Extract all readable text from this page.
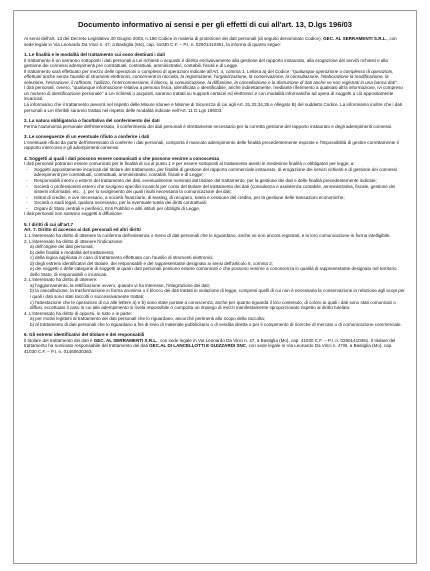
Documento informativo ai sensi e per gli effetti di cui all'art. 13, D.lgs 196/03

Ai sensi dell'art. 13 del Decreto Legislativo 30 Giugno 2003, n.196 Codice in materia di protezione dei dati personali (di seguito denominato Codice), GEC. AL SERRAMENTI S.R.L., con sede legale in Via Leonardo Da Vinci n. 47, a Bastiglia (Mo), cap. 41030 C.F. – P.I. n. 02901410361, la informa di quanto segue:

1. Le finalità e le modalità del trattamento cui sono destinati i dati

Il trattamento è un sarranno sottoposti i dati personali a Lei richiesti o acquisiti è diretto esclusivamente alla gestione del rapporto instaurato, alla erogazione dei servizi richiesti e alla gestione dei connessi adempimenti pre contrattuali, contrattuali, amministrativi, contabili, fiscali e di Legge.

Il trattamento sarà effettuato per mezzo delle operazioni o complessi di operazioni indicate all'Art. 4, comma 1, Lettera a) del Codice: "qualunque operazione o complesso di operazioni, effettuati anche senza l'ausilio di strumenti elettronici, concernenti la raccolta, la registrazione, l'organizzazione, la conservazione, la consultazione, l'elaborazione la modificazione, la selezione, l'estrazione, il raffronto, l'utilizzo, l'interconnessione, il blocco, la comunicazione, la diffusione, la cancellazione e la distruzione di dati anche se non registrati in una banca dati".

I dati personali, ovvero, "qualunque informazione relativa a persona fisica, identificata o identificabile, anche indirettamente, mediante riferimento a qualsiasi altra informazione, ivi compreso un numero di identificazione personale" a Lei richiesti o acquisiti, saranno trattati su supporti cartacei ed elettronici e con modalità informatiche ad opera di soggetti a ciò appositamente incaricati.

La informiamo che il trattamento avverrà nel rispetto delle Misure Idonee e Minime di Sicurezza di cui agli Art. 31,33,34,35 e Allegato B) del suddetto Codice. La informiamo inoltre che i dati personali a Lei riferibili saranno trattati nel rispetto delle modalità indicate nell'Art. 11 D.Lgs 196/03.

2. La natura obbligatoria o facoltativa del conferimento dei dati

Ferma l'autonomia personale dell'interessato, il conferimento dei dati personali è strettamente necessario per la corretta gestione del rapporto instaurato e degli adempimenti connessi.

3. Le conseguenze di un eventuale rifiuto a conferire i dati

L'eventuale rifiuto da parte dell'interessato di conferire i dati personali, comporta il mancato adempimento delle finalità precedentemente esposte e l'impossibilità di gestire correttamente il rapporto intercorso e gli adempimenti connessi.

4. Soggetti ai quali i dati possono essere comunicati o che possono venirne a conoscenza

I dati personali potranno essere comunicati per le finalità di cui al punto 1 e per essere sottoposti al trattamento aventi le medesime finalità o obbligatori per legge, a:

- Soggetti appositamente incaricati dal titolare del trattamento, per finalità di gestione del rapporto commerciale instaurato, di erogazione dei servizi richiesti e di gestione dei connessi adempimenti pre contrattuali, contrattuali, amministrativi, contabili, fiscali e di Legge;
- Responsabili interni o esterni del trattamento dei dati, eventualmente nominati dal titolare del trattamento, per la gestione dei dati e delle finalità precedentemente indicate;
- Società o professionisti esterni che svolgono specifici incarichi per conto del titolare del trattamento dei dati (consulenza e assistenza contabile, amministrativa, fiscale, gestione dei sistemi informativi, etc. ..), per lo svolgimento dei quali risulti necessaria la comunicazione dei dati;
- Istituti di credito, e ove necessario, a società finanziarie, di leasing, di recupero, tutela e cessione del credito, per la gestione delle transazioni economiche;
- Società o studi legali, qualora necessario, per la eventuale tutela dei diritti contrattuali;
- Organi di Stato centrali e periferici, Enti Pubblici e altri istituti per obblighi di Legge.

I dati personali non saranno soggetti a diffusione.

5. I diritti di cui all'art.7

Art. 7. Diritto di accesso ai dati personali ed altri diritti

1. L'interessato ha diritto di ottenere la conferma dell'esistenza o meno di dati personali che lo riguardano, anche se non ancora registrati, e la loro comunicazione in forma intelligibile.

2. L'interessato ha diritto di ottenere l'indicazione:

a) dell'origine dei dati personali;

b) delle finalità e modalità del trattamento;

c) della logica applicata in caso di trattamento effettuato con l'ausilio di strumenti elettronici;

d) degli estremi identificativi del titolare, dei responsabili e del rappresentante designato ai sensi dell'articolo 5, comma 2;

e) dei soggetti o delle categorie di soggetti ai quali i dati personali possono essere comunicati o che possono venirne a conoscenza in qualità di rappresentante designato nel territorio dello Stato, di responsabili o incaricati.

3. L'interessato ha diritto di ottenere:

a) l'aggiornamento, la rettificazione ovvero, quando vi ha interesse, l'integrazione dei dati;

b) la cancellazione, la trasformazione in forma anonima o il blocco dei dati trattati in violazione di legge, compresi quelli di cui non è necessaria la conservazione in relazione agli scopi per i quali i dati sono stati raccolti o successivamente trattati;

c) l'attestazione che le operazioni di cui alle lettere a) e b) sono state portate a conoscenza, anche per quanto riguarda il loro contenuto, di coloro ai quali i dati sono stati comunicati o diffusi, eccettuato il caso in cui tale adempimento si rivela impossibile o comporta un impiego di mezzi manifestamente sproporzionato rispetto al diritto tutelato.

4. L'interessato ha diritto di opporsi, in tutto o in parte:

a) per motivi legittimi al trattamento dei dati personali che lo riguardano, ancorché pertinenti allo scopo della raccolta;

b) al trattamento di dati personali che lo riguardano a fini di invio di materiale pubblicitario o di vendita diretta o per il compimento di ricerche di mercato o di comunicazione commerciale.

6. Gli estremi identificativi del titolare e dei responsabili

Il titolare del trattamento dei dati è GEC. AL SERRAMENTI S.R.L., con sede legale in Via Leonardo Da Vinci n. 47, a Bastiglia (Mo), cap. 41030 C.F. – P.I. n. 02901410361. Il titolare del trattamento ha nominato responsabile del trattamento dei dati GEC.AL DI LANCELLOTTI E GUIZZARDI SNC, con sede legale in Via Leonardo Da Vinci n. 47/B, a Bastiglia (Mo), cap. 41030 C.F. – P.I. n. 01460630363.
